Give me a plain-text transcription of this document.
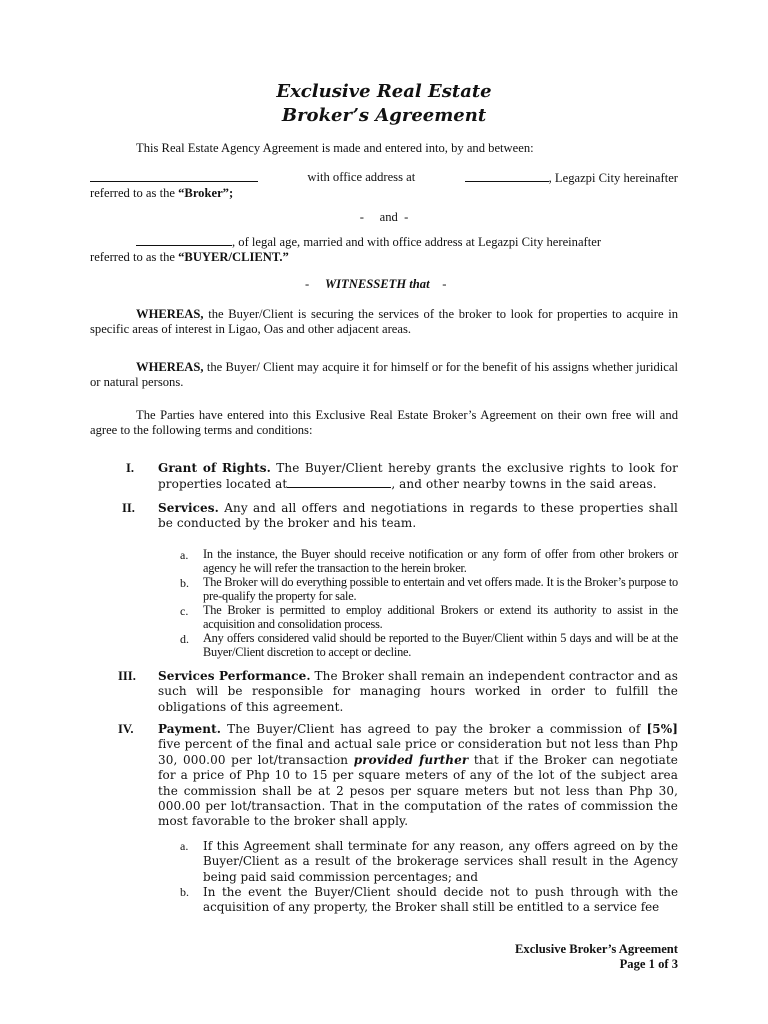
Exclusive Real Estate
Broker’s Agreement
This Real Estate Agency Agreement is made and entered into, by and between:
with office address at	, Legazpi City hereinafter
referred to as the “Broker”;
-     and  -
, of legal age, married and with office address at Legazpi City hereinafter
referred to as the “BUYER/CLIENT.”
- WITNESSETH that -
WHEREAS, the Buyer/Client is securing the services of the broker to look for properties to acquire in specific areas of interest in Ligao, Oas and other adjacent areas.
WHEREAS, the Buyer/ Client may acquire it for himself or for the benefit of his assigns whether juridical or natural persons.
The Parties have entered into this Exclusive Real Estate Broker’s Agreement on their own free will and agree to the following terms and conditions:
I.	Grant of Rights. The Buyer/Client hereby grants the exclusive rights to look for properties located at	, and other nearby towns in the said areas.
II.	Services. Any and all offers and negotiations in regards to these properties shall be conducted by the broker and his team.
a.	In the instance, the Buyer should receive notification or any form of offer from other brokers or agency he will refer the transaction to the herein broker.
b.	The Broker will do everything possible to entertain and vet offers made. It is the Broker’s purpose to pre-qualify the property for sale.
c.	The Broker is permitted to employ additional Brokers or extend its authority to assist in the acquisition and consolidation process.
d.	Any offers considered valid should be reported to the Buyer/Client within 5 days and will be at the Buyer/Client discretion to accept or decline.
III.	Services Performance. The Broker shall remain an independent contractor and as such will be responsible for managing hours worked in order to fulfill the obligations of this agreement.
IV.	Payment. The Buyer/Client has agreed to pay the broker a commission of [5%] five percent of the final and actual sale price or consideration but not less than Php 30, 000.00 per lot/transaction provided further that if the Broker can negotiate for a price of Php 10 to 15 per square meters of any of the lot of the subject area the commission shall be at 2 pesos per square meters but not less than Php 30, 000.00 per lot/transaction. That in the computation of the rates of commission the most favorable to the broker shall apply.
a.	If this Agreement shall terminate for any reason, any offers agreed on by the Buyer/Client as a result of the brokerage services shall result in the Agency being paid said commission percentages; and
b.	In the event the Buyer/Client should decide not to push through with the acquisition of any property, the Broker shall still be entitled to a service fee
Exclusive Broker’s Agreement
Page 1 of 3
